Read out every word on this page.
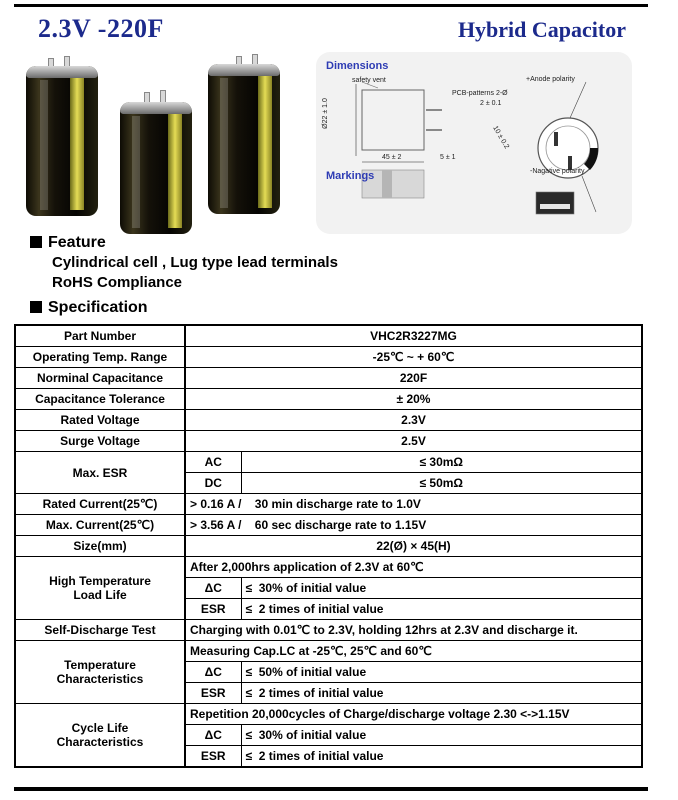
2.3V -220F	Hybrid Capacitor
Dimensions
safety vent
Ø22 ± 1.0
45 ± 2	5 ± 1
PCB-patterns 2-Ø
2 ± 0.1
10 ± 0.2
+Anode polarity
-Nagative polarity
Markings
Feature
Cylindrical cell , Lug type lead terminals
RoHS Compliance
Specification
Part Number	VHC2R3227MG	
Operating Temp. Range	-25℃ ~ + 60℃	
Norminal Capacitance	220F	
Capacitance Tolerance	± 20%	
Rated Voltage	2.3V	
Surge Voltage	2.5V	
Max. ESR	AC	≤ 30mΩ
	DC	≤ 50mΩ
Rated Current(25℃)	> 0.16 A /    30 min discharge rate to 1.0V	
Max. Current(25℃)	> 3.56 A /    60 sec discharge rate to 1.15V	
Size(mm)	22(Ø) × 45(H)	

High Temperature
Load Life	After 2,000hrs application of 2.3V at 60℃	
	ΔC	≤  30% of initial value
	ESR	≤  2 times of initial value
Self-Discharge Test	Charging with 0.01℃ to 2.3V, holding 12hrs at 2.3V and discharge it.	

Temperature
Characteristics	Measuring Cap.LC at -25℃, 25℃ and 60℃	
	ΔC	≤  50% of initial value
	ESR	≤  2 times of initial value

Cycle Life
Characteristics	Repetition 20,000cycles of Charge/discharge voltage 2.30 <->1.15V	
	ΔC	≤  30% of initial value
	ESR	≤  2 times of initial value
